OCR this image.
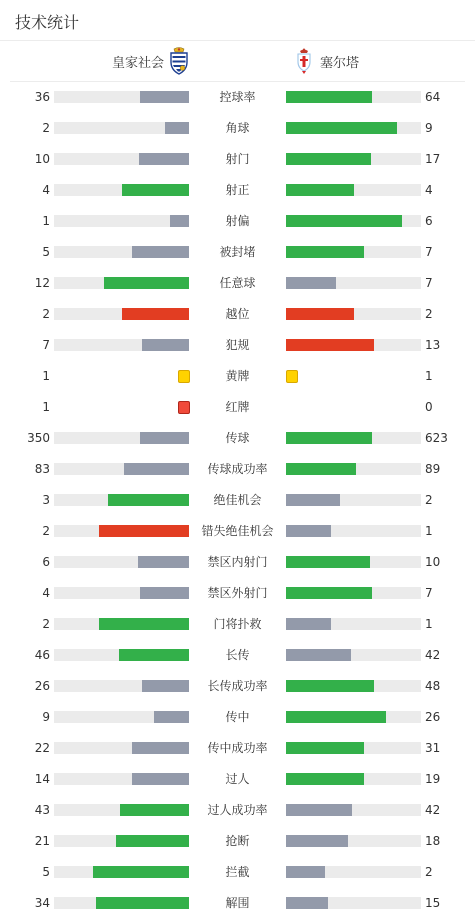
技术统计
皇家社会	塞尔塔
36	控球率	64
2	角球	9
10	射门	17
4	射正	4
1	射偏	6
5	被封堵	7
12	任意球	7
2	越位	2
7	犯规	13
1	黄牌	1
1	红牌	0
350	传球	623
83	传球成功率	89
3	绝佳机会	2
2	错失绝佳机会	1
6	禁区内射门	10
4	禁区外射门	7
2	门将扑救	1
46	长传	42
26	长传成功率	48
9	传中	26
22	传中成功率	31
14	过人	19
43	过人成功率	42
21	抢断	18
5	拦截	2
34	解围	15
